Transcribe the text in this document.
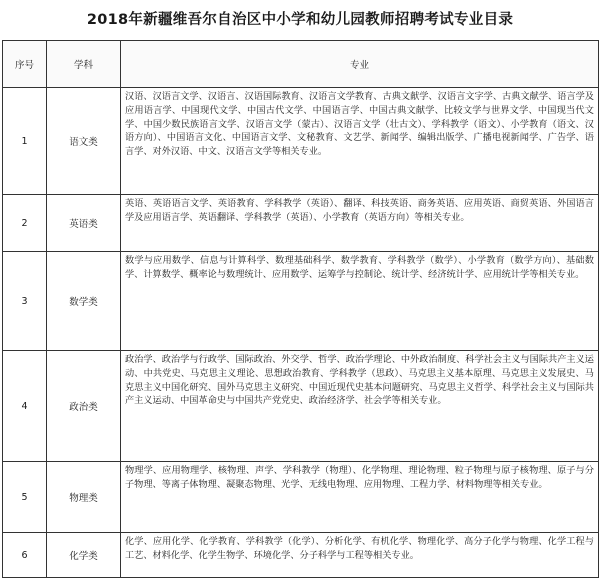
2018年新疆维吾尔自治区中小学和幼儿园教师招聘考试专业目录
序号	学科	专业
1	语文类	汉语、汉语言文学、汉语言、汉语国际教育、汉语言文学教育、古典文献学、汉语言文字学、古典文献学、语言学及应用语言学、中国现代文学、中国古代文学、中国语言学、中国古典文献学、比较文学与世界文学、中国现当代文学、中国少数民族语言文学、汉语言文学（蒙古）、汉语言文学（壮古文）、学科教学（语文）、小学教育（语文、汉语方向）、中国语言文化、中国语言文学、文秘教育、文艺学、新闻学、编辑出版学、广播电视新闻学、广告学、语言学、对外汉语、中文、汉语言文学等相关专业。
2	英语类	英语、英语语言文学、英语教育、学科教学（英语）、翻译、科技英语、商务英语、应用英语、商贸英语、外国语言学及应用语言学、英语翻译、学科教学（英语）、小学教育（英语方向）等相关专业。
3	数学类	数学与应用数学、信息与计算科学、数理基础科学、数学教育、学科教学（数学）、小学教育（数学方向）、基础数学、计算数学、概率论与数理统计、应用数学、运筹学与控制论、统计学、经济统计学、应用统计学等相关专业。
4	政治类	政治学、政治学与行政学、国际政治、外交学、哲学、政治学理论、中外政治制度、科学社会主义与国际共产主义运动、中共党史、马克思主义理论、思想政治教育、学科教学（思政）、马克思主义基本原理、马克思主义发展史、马克思主义中国化研究、国外马克思主义研究、中国近现代史基本问题研究、马克思主义哲学、科学社会主义与国际共产主义运动、中国革命史与中国共产党党史、政治经济学、社会学等相关专业。
5	物理类	物理学、应用物理学、核物理、声学、学科教学（物理）、化学物理、理论物理、粒子物理与原子核物理、原子与分子物理、等离子体物理、凝聚态物理、光学、无线电物理、应用物理、工程力学、材料物理等相关专业。
6	化学类	化学、应用化学、化学教育、学科教学（化学）、分析化学、有机化学、物理化学、高分子化学与物理、化学工程与工艺、材料化学、化学生物学、环境化学、分子科学与工程等相关专业。
